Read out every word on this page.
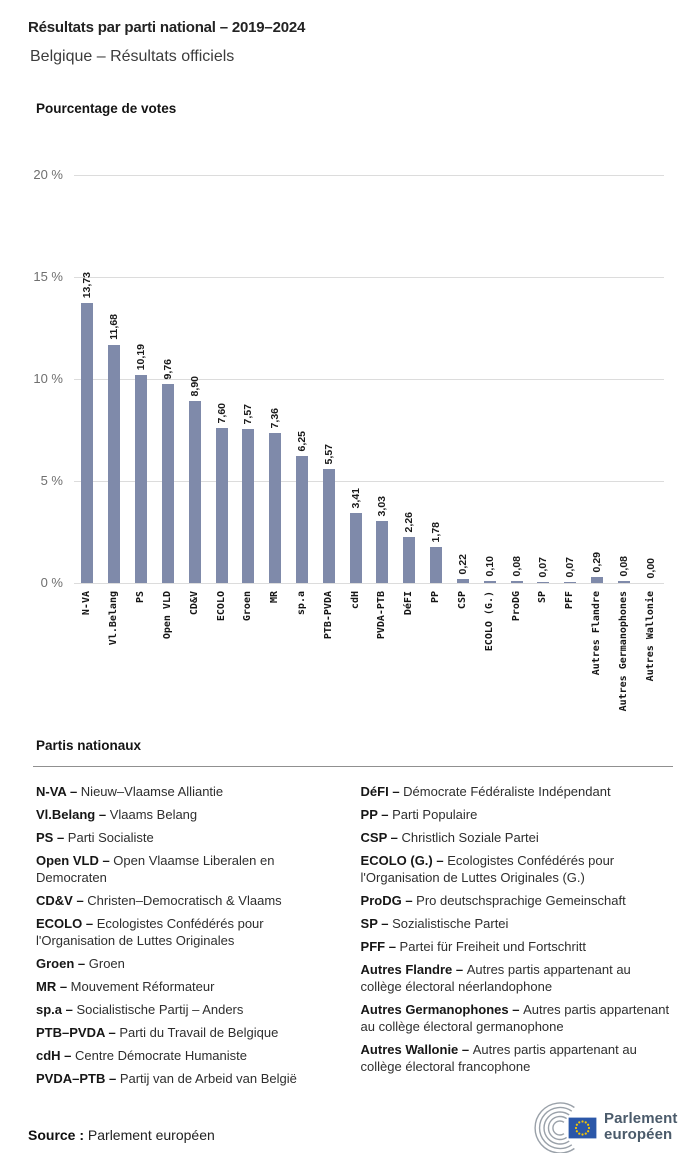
Résultats par parti national – 2019–2024
Belgique – Résultats officiels
Pourcentage de votes
0 %
5 %
10 %
15 %
20 %
13,73
N-VA
11,68
Vl.Belang
10,19
PS
9,76
Open VLD
8,90
CD&V
7,60
ECOLO
7,57
Groen
7,36
MR
6,25
sp.a
5,57
PTB-PVDA
3,41
cdH
3,03
PVDA-PTB
2,26
DéFI
1,78
PP
0,22
CSP
0,10
ECOLO (G.)
0,08
ProDG
0,07
SP
0,07
PFF
0,29
Autres Flandre
0,08
Autres Germanophones
0,00
Autres Wallonie
Partis nationaux
N-VA – Nieuw–Vlaamse Alliantie
Vl.Belang – Vlaams Belang
PS – Parti Socialiste
Open VLD – Open Vlaamse Liberalen en Democraten
CD&V – Christen–Democratisch & Vlaams
ECOLO – Ecologistes Confédérés pour l'Organisation de Luttes Originales
Groen – Groen
MR – Mouvement Réformateur
sp.a – Socialistische Partij – Anders
PTB–PVDA – Parti du Travail de Belgique
cdH – Centre Démocrate Humaniste
PVDA–PTB – Partij van de Arbeid van België
DéFI – Démocrate Fédéraliste Indépendant
PP – Parti Populaire
CSP – Christlich Soziale Partei
ECOLO (G.) – Ecologistes Confédérés pour l'Organisation de Luttes Originales (G.)
ProDG – Pro deutschsprachige Gemeinschaft
SP – Sozialistische Partei
PFF – Partei für Freiheit und Fortschritt
Autres Flandre – Autres partis appartenant au collège électoral néerlandophone
Autres Germanophones – Autres partis appartenant au collège électoral germanophone
Autres Wallonie – Autres partis appartenant au collège électoral francophone
Source : Parlement européen
Parlement
européen
